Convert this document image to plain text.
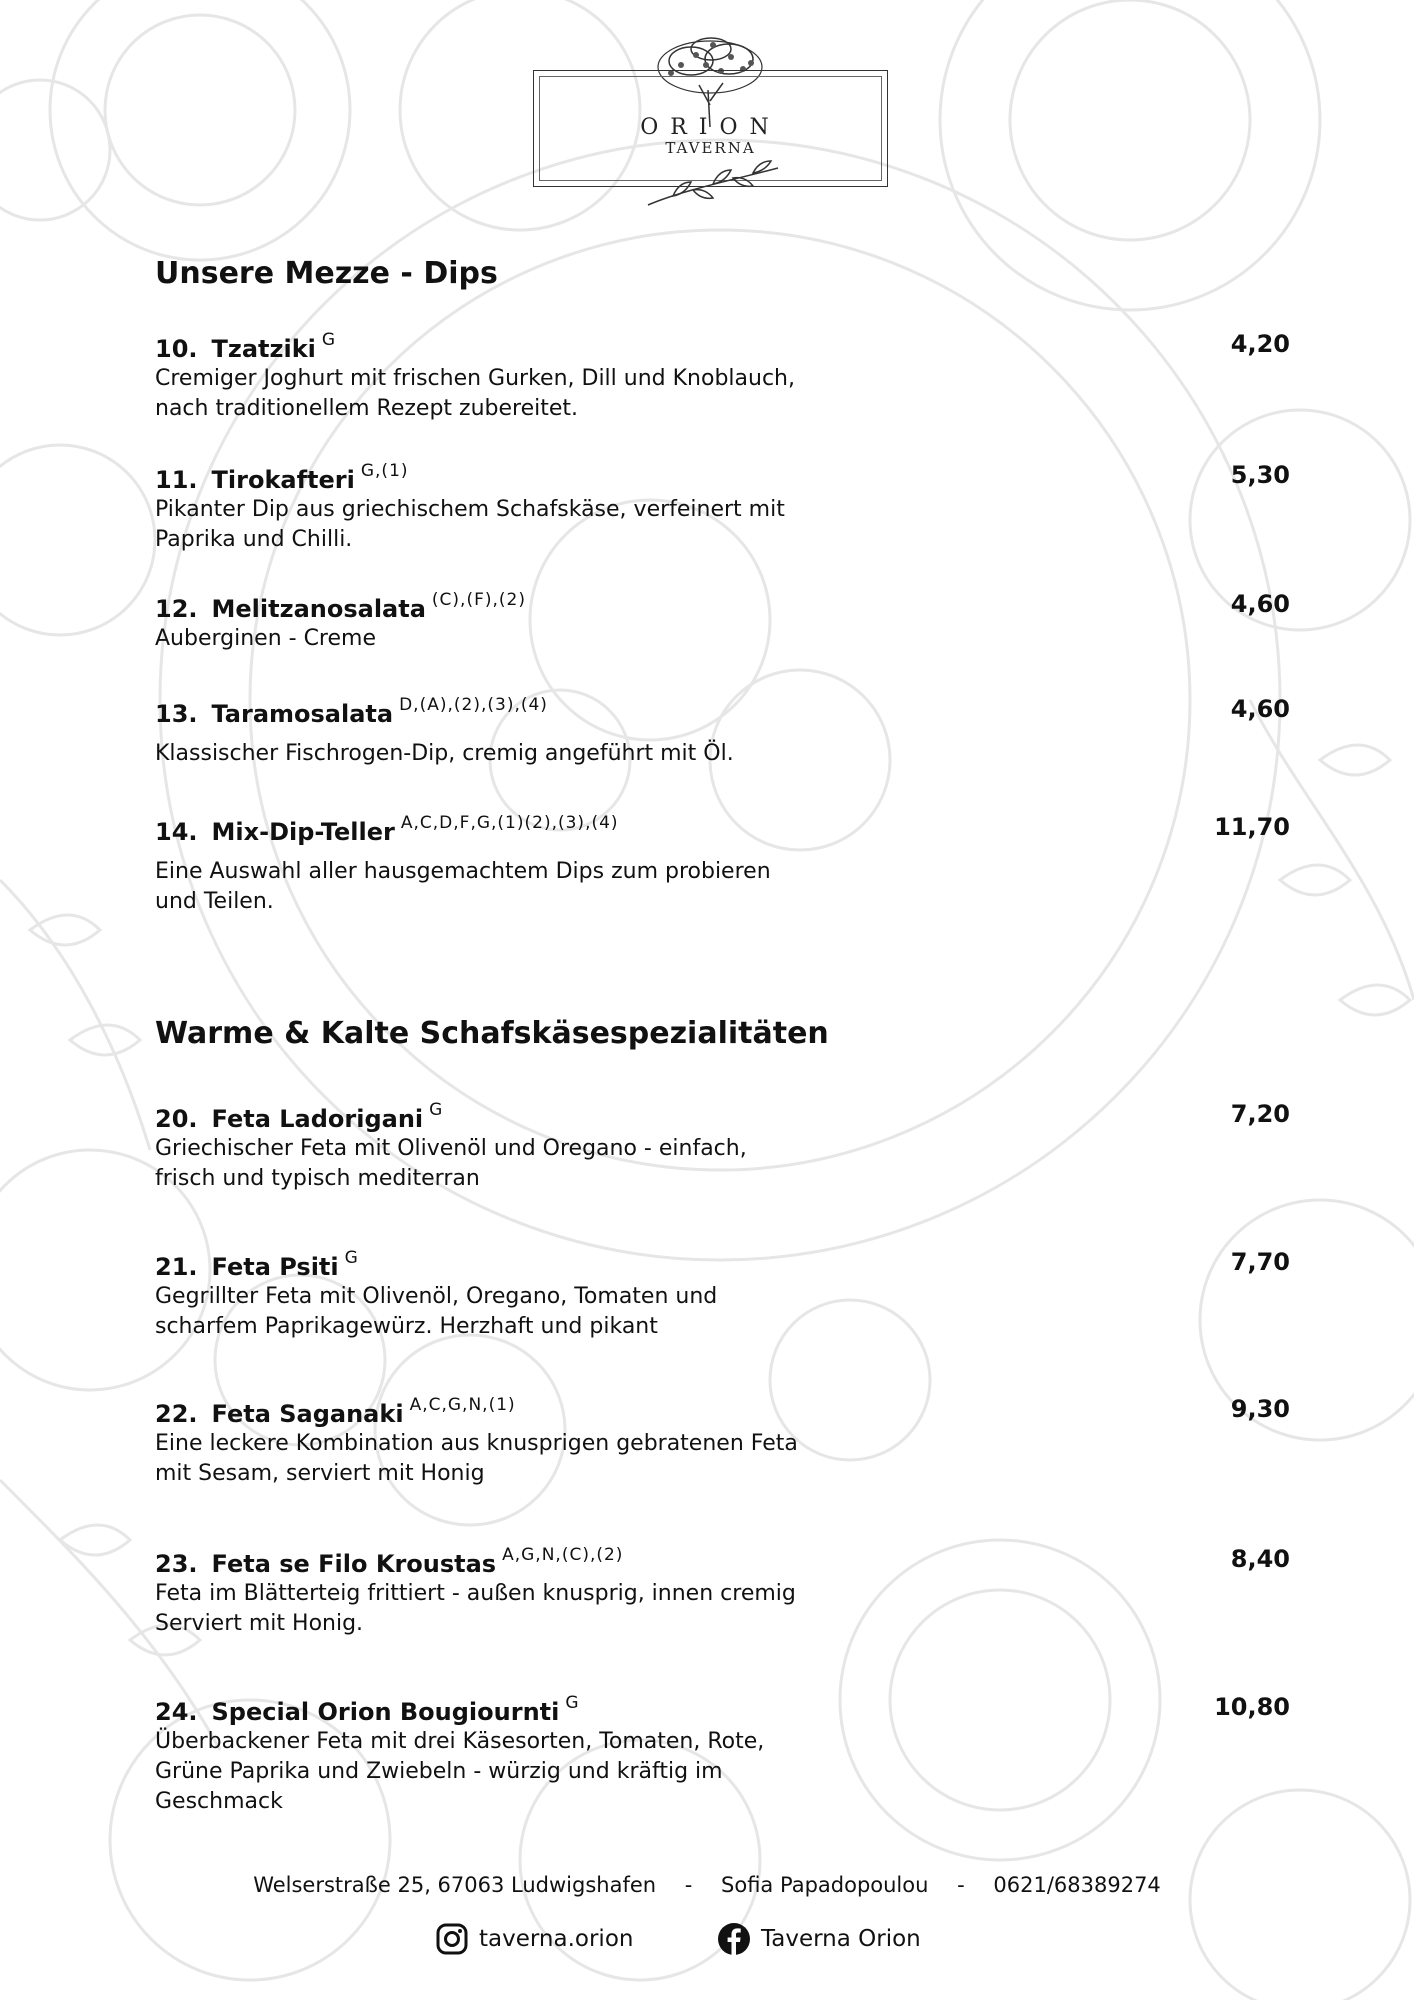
ORION
TAVERNA
Unsere Mezze - Dips
10. Tzatziki $^G$	4,20
Cremiger Joghurt mit frischen Gurken, Dill und Knoblauch,
nach traditionellem Rezept zubereitet.
11. Tirokafteri $^{G,(1)}$	5,30
Pikanter Dip aus griechischem Schafskäse, verfeinert mit
Paprika und Chilli.
12. Melitzanosalata $^{(C),(F),(2)}$	4,60
Auberginen - Creme
13. Taramosalata $^{D,(A),(2),(3),(4)}$	4,60
Klassischer Fischrogen-Dip, cremig angeführt mit Öl.
14. Mix-Dip-Teller $^{A,C,D,F,G,(1)(2),(3),(4)}$	11,70
Eine Auswahl aller hausgemachtem Dips zum probieren
und Teilen.
Warme & Kalte Schafskäsespezialitäten
20. Feta Ladorigani $^G$	7,20
Griechischer Feta mit Olivenöl und Oregano - einfach,
frisch und typisch mediterran
21. Feta Psiti $^G$	7,70
Gegrillter Feta mit Olivenöl, Oregano, Tomaten und
scharfem Paprikagewürz. Herzhaft und pikant
22. Feta Saganaki $^{A,C,G,N,(1)}$	9,30
Eine leckere Kombination aus knusprigen gebratenen Feta
mit Sesam, serviert mit Honig
23. Feta se Filo Kroustas $^{A,G,N,(C),(2)}$	8,40
Feta im Blätterteig frittiert - außen knusprig, innen cremig
Serviert mit Honig.
24. Special Orion Bougiournti $^G$	10,80
Überbackener Feta mit drei Käsesorten, Tomaten, Rote,
Grüne Paprika und Zwiebeln - würzig und kräftig im
Geschmack
Welserstraße 25, 67063 Ludwigshafen - Sofia Papadopoulou - 0621/68389274
taverna.orion	Taverna Orion
